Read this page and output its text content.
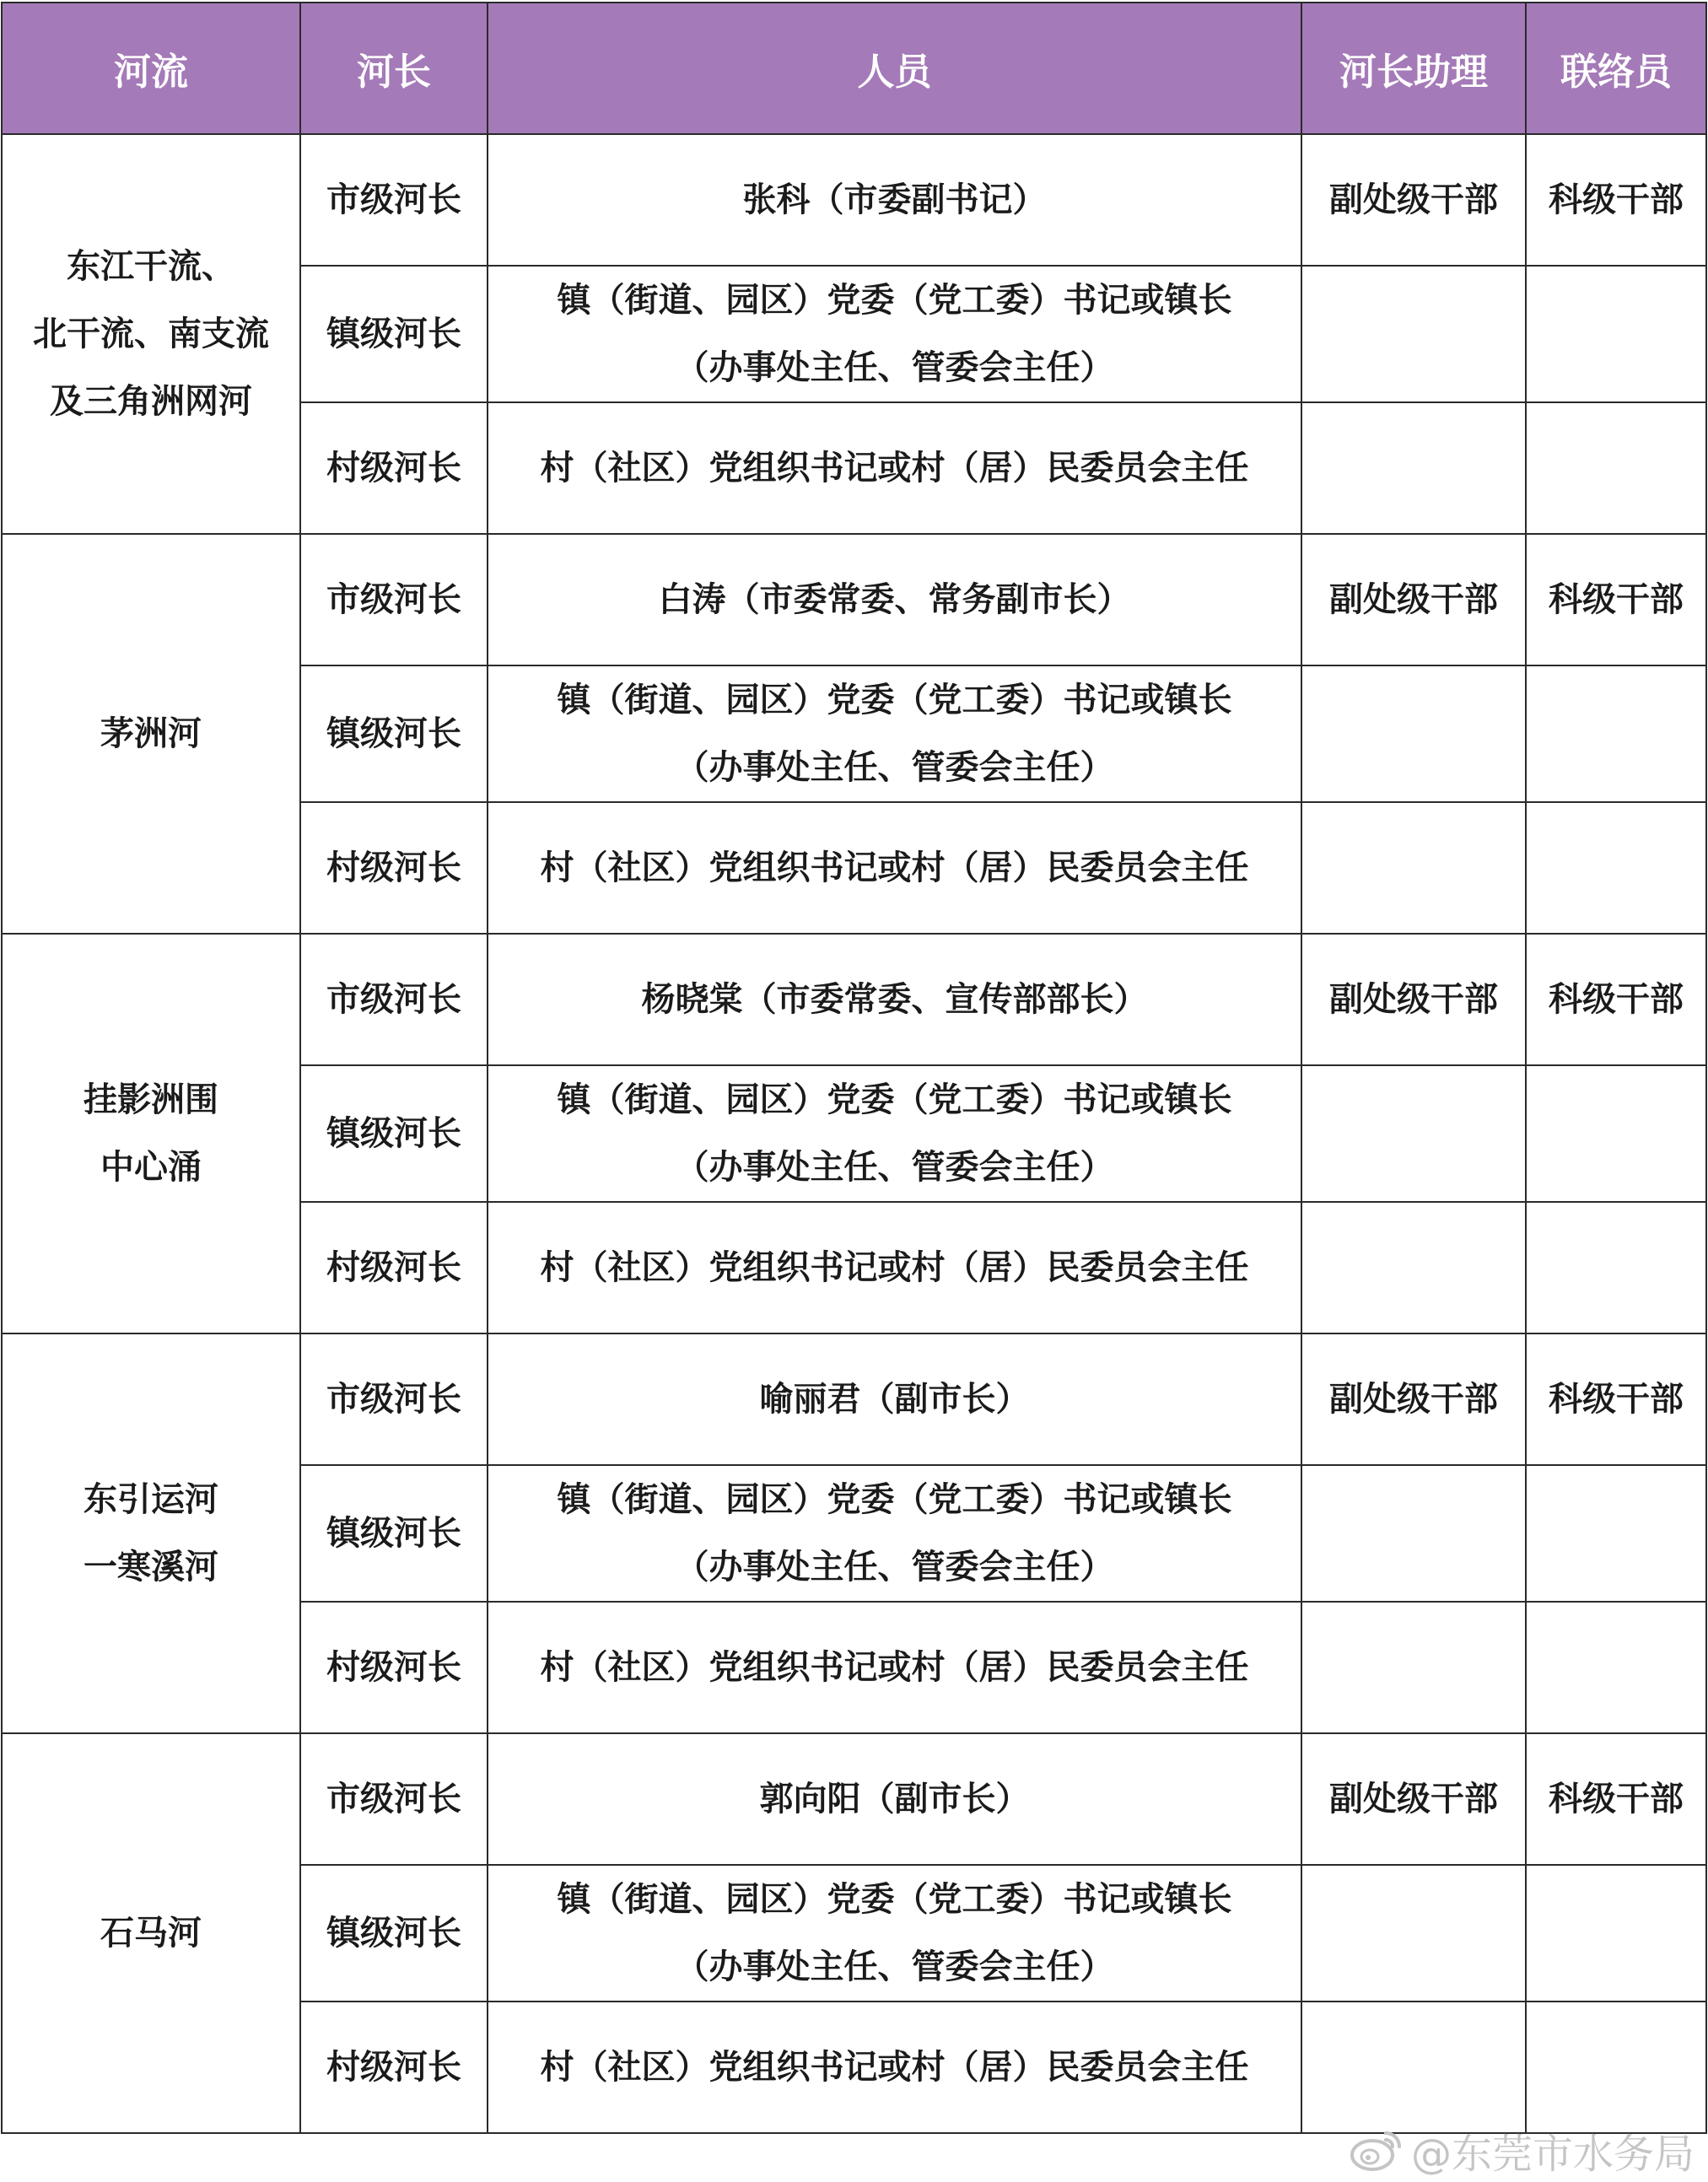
河流	河长	人员	河长助理	联络员
东江干流、
北干流、南支流
及三角洲网河	市级河长	张科（市委副书记）	副处级干部	科级干部
	镇级河长	镇（街道、园区）党委（党工委）书记或镇长
（办事处主任、管委会主任）		
	村级河长	村（社区）党组织书记或村（居）民委员会主任		
茅洲河	市级河长	白涛（市委常委、常务副市长）	副处级干部	科级干部
	镇级河长	镇（街道、园区）党委（党工委）书记或镇长
（办事处主任、管委会主任）		
	村级河长	村（社区）党组织书记或村（居）民委员会主任		
挂影洲围
中心涌	市级河长	杨晓棠（市委常委、宣传部部长）	副处级干部	科级干部
	镇级河长	镇（街道、园区）党委（党工委）书记或镇长
（办事处主任、管委会主任）		
	村级河长	村（社区）党组织书记或村（居）民委员会主任		
东引运河
一寒溪河	市级河长	喻丽君（副市长）	副处级干部	科级干部
	镇级河长	镇（街道、园区）党委（党工委）书记或镇长
（办事处主任、管委会主任）		
	村级河长	村（社区）党组织书记或村（居）民委员会主任		
石马河	市级河长	郭向阳（副市长）	副处级干部	科级干部
	镇级河长	镇（街道、园区）党委（党工委）书记或镇长
（办事处主任、管委会主任）		
	村级河长	村（社区）党组织书记或村（居）民委员会主任		
@东莞市水务局
